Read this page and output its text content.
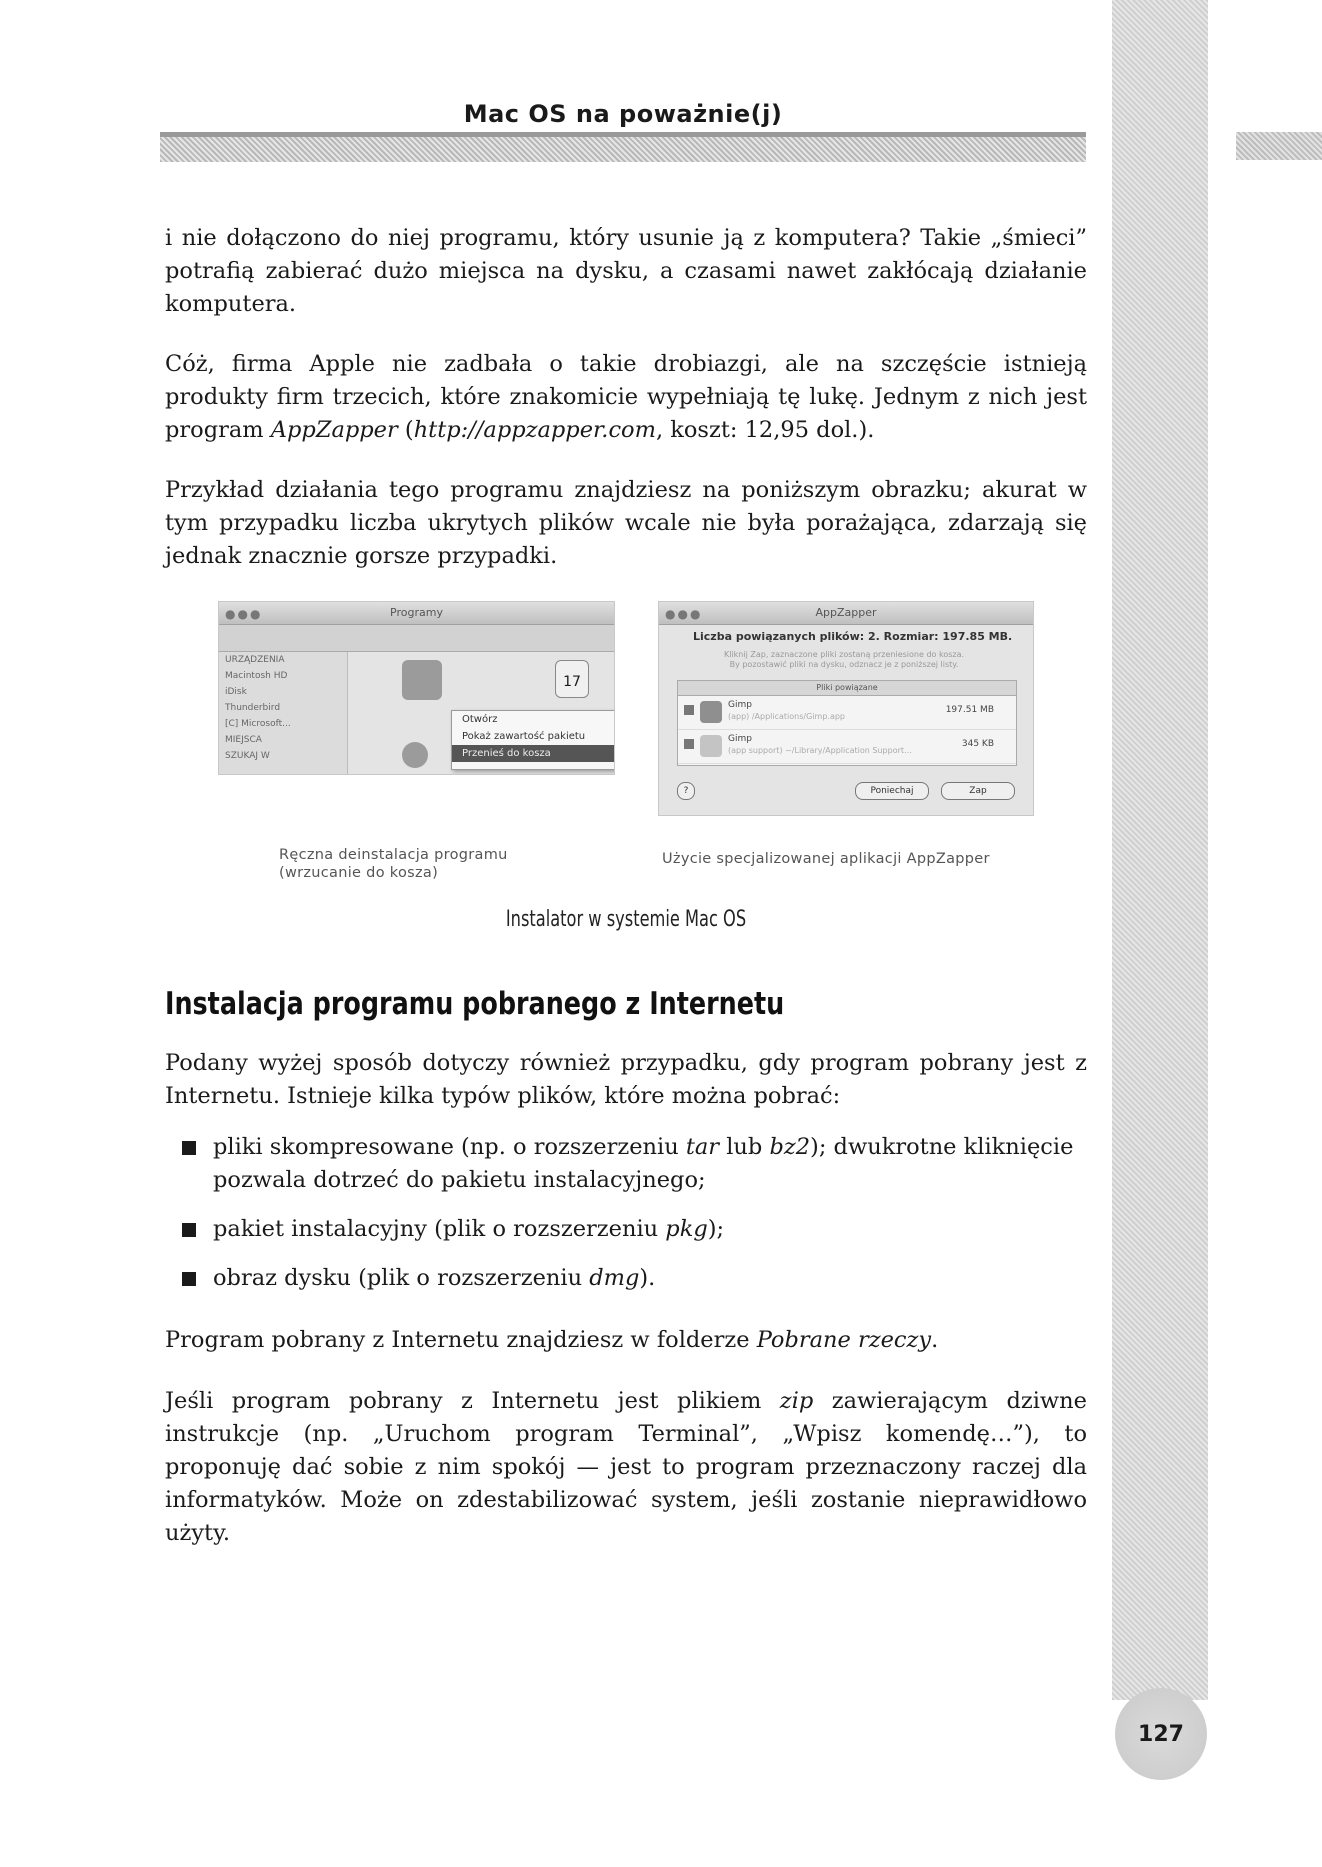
127
Mac OS na poważnie(j)

i nie dołączono do niej programu, który usunie ją z komputera? Takie „śmieci” potrafią zabierać dużo miejsca na dysku, a czasami nawet zakłócają działanie komputera.

Cóż, firma Apple nie zadbała o takie drobiazgi, ale na szczęście istnieją produkty firm trzecich, które znakomicie wypełniają tę lukę. Jednym z nich jest program AppZapper (http://appzapper.com, koszt: 12,95 dol.).

Przykład działania tego programu znajdziesz na poniższym obrazku; akurat w tym przypadku liczba ukrytych plików wcale nie była porażająca, zdarzają się jednak znacznie gorsze przypadki.

●●●	Programy
URZĄDZENIA
Macintosh HD
iDisk
Thunderbird
[C] Microsoft...
MIEJSCA
SZUKAJ W
17
Otwórz
Pokaż zawartość pakietu
Przenieś do kosza
●●●	AppZapper
Liczba powiązanych plików: 2. Rozmiar: 197.85 MB.
Kliknij Zap, zaznaczone pliki zostaną przeniesione do kosza.
By pozostawić pliki na dysku, odznacz je z poniższej listy.
Pliki powiązane
Gimp
(app) /Applications/Gimp.app
197.51 MB
Gimp
(app support) ~/Library/Application Support...
345 KB
?	Poniechaj	Zap
Ręczna deinstalacja programu
(wrzucanie do kosza)
Użycie specjalizowanej aplikacji AppZapper
Instalator w systemie Mac OS
Instalacja programu pobranego z Internetu

Podany wyżej sposób dotyczy również przypadku, gdy program pobrany jest z Internetu. Istnieje kilka typów plików, które można pobrać:

pliki skompresowane (np. o rozszerzeniu tar lub bz2); dwukrotne kliknięcie pozwala dotrzeć do pakietu instalacyjnego;
pakiet instalacyjny (plik o rozszerzeniu pkg);
obraz dysku (plik o rozszerzeniu dmg).

Program pobrany z Internetu znajdziesz w folderze Pobrane rzeczy.

Jeśli program pobrany z Internetu jest plikiem zip zawierającym dziwne instrukcje (np. „Uruchom program Terminal”, „Wpisz komendę…”), to proponuję dać sobie z nim spokój — jest to program przeznaczony raczej dla informatyków. Może on zdestabilizować system, jeśli zostanie nieprawidłowo użyty.
